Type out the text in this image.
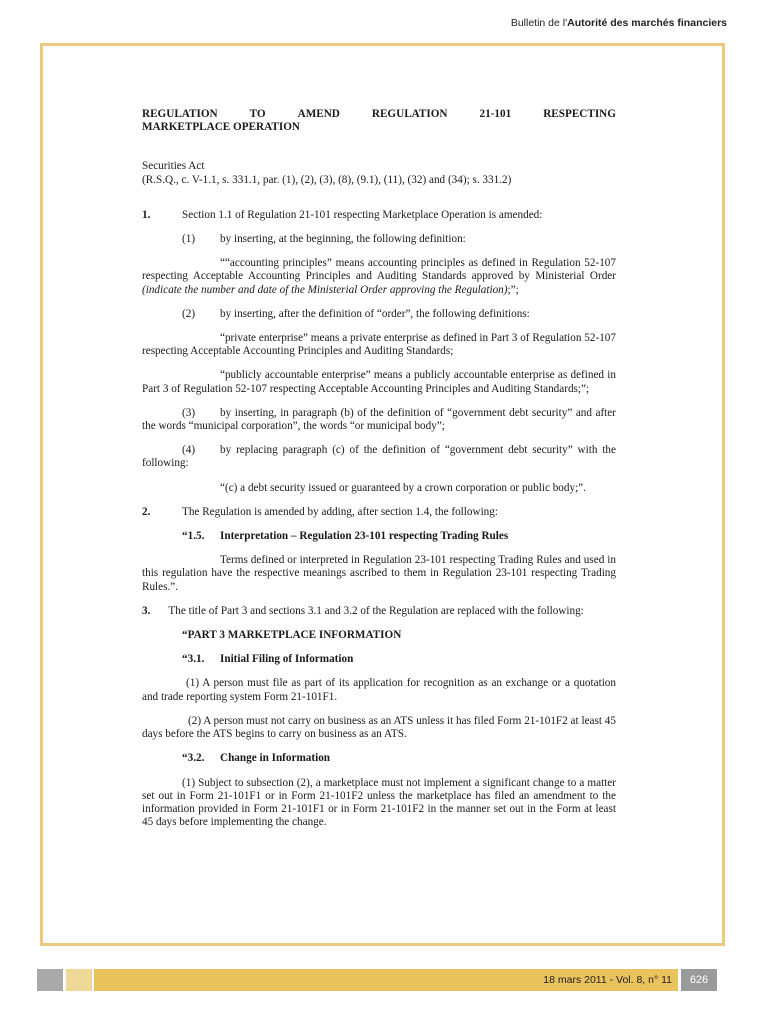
Bulletin de l'Autorité des marchés financiers
REGULATION	TO	AMEND	REGULATION	21-101	RESPECTING
MARKETPLACE OPERATION
Securities Act
(R.S.Q., c. V-1.1, s. 331.1, par. (1), (2), (3), (8), (9.1), (11), (32) and (34); s. 331.2)
1.	Section 1.1 of Regulation 21-101 respecting Marketplace Operation is amended:
(1)	by inserting, at the beginning, the following definition:

““accounting principles” means accounting principles as defined in Regulation 52-107 respecting Acceptable Accounting Principles and Auditing Standards approved by Ministerial Order (indicate the number and date of the Ministerial Order approving the Regulation);”;

(2)	by inserting, after the definition of “order”, the following definitions:

“private enterprise” means a private enterprise as defined in Part 3 of Regulation 52-107 respecting Acceptable Accounting Principles and Auditing Standards;

“publicly accountable enterprise” means a publicly accountable enterprise as defined in Part 3 of Regulation 52-107 respecting Acceptable Accounting Principles and Auditing Standards;”;

(3) by inserting, in paragraph (b) of the definition of “government debt security” and after the words “municipal corporation”, the words “or municipal body”;

(4) by replacing paragraph (c) of the definition of “government debt security” with the following:

“(c) a debt security issued or guaranteed by a crown corporation or public body;”.

2.	The Regulation is amended by adding, after section 1.4, the following:
“1.5.	Interpretation – Regulation 23-101 respecting Trading Rules

Terms defined or interpreted in Regulation 23-101 respecting Trading Rules and used in this regulation have the respective meanings ascribed to them in Regulation 23-101 respecting Trading Rules.”.

3.	The title of Part 3 and sections 3.1 and 3.2 of the Regulation are replaced with the following:
“PART 3 MARKETPLACE INFORMATION
“3.1.	Initial Filing of Information

(1) A person must file as part of its application for recognition as an exchange or a quotation and trade reporting system Form 21-101F1.

(2) A person must not carry on business as an ATS unless it has filed Form 21-101F2 at least 45 days before the ATS begins to carry on business as an ATS.

“3.2.	Change in Information

(1) Subject to subsection (2), a marketplace must not implement a significant change to a matter set out in Form 21-101F1 or in Form 21-101F2 unless the marketplace has filed an amendment to the information provided in Form 21-101F1 or in Form 21-101F2 in the manner set out in the Form at least 45 days before implementing the change.

18 mars 2011 - Vol. 8, n° 11	626
